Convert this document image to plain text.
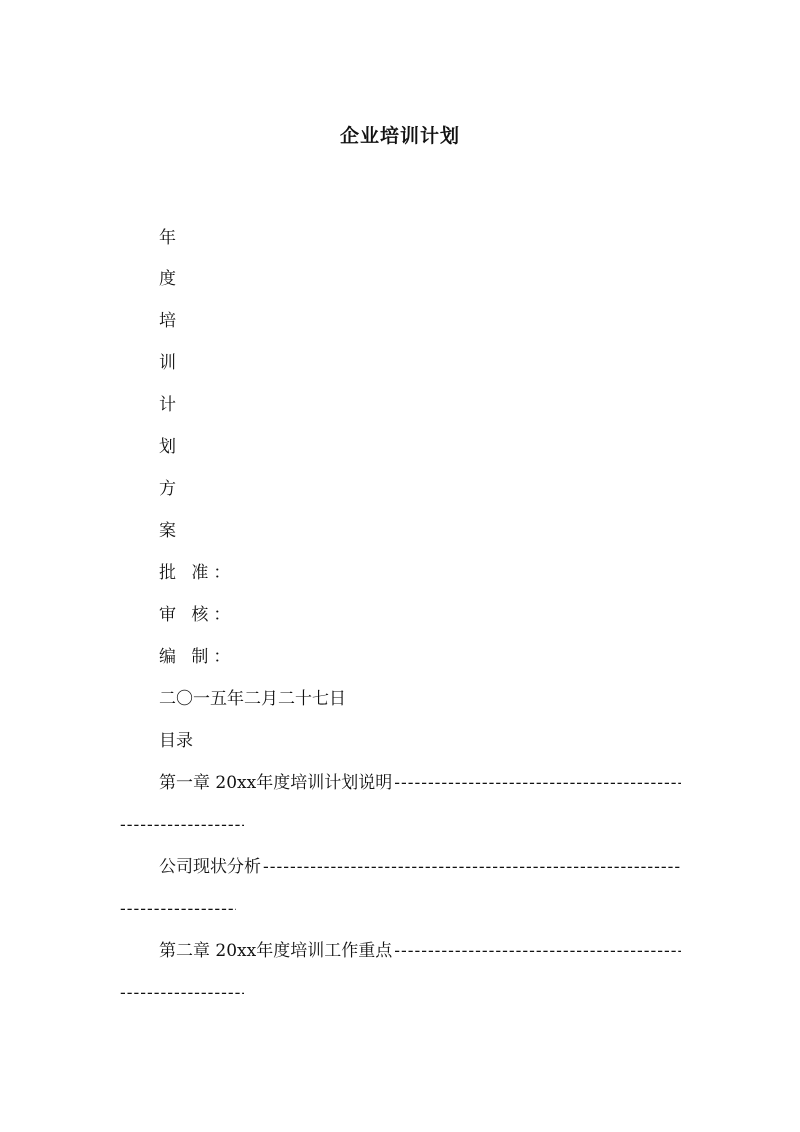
企业培训计划
年
度
培
训
计
划
方
案
批 准：
审 核：
编 制：
二〇一五年二月二十七日
目录
第一章 20xx年度培训计划说明
-----
-----
公司现状分析
-----
-----
第二章 20xx年度培训工作重点
-----
-----
